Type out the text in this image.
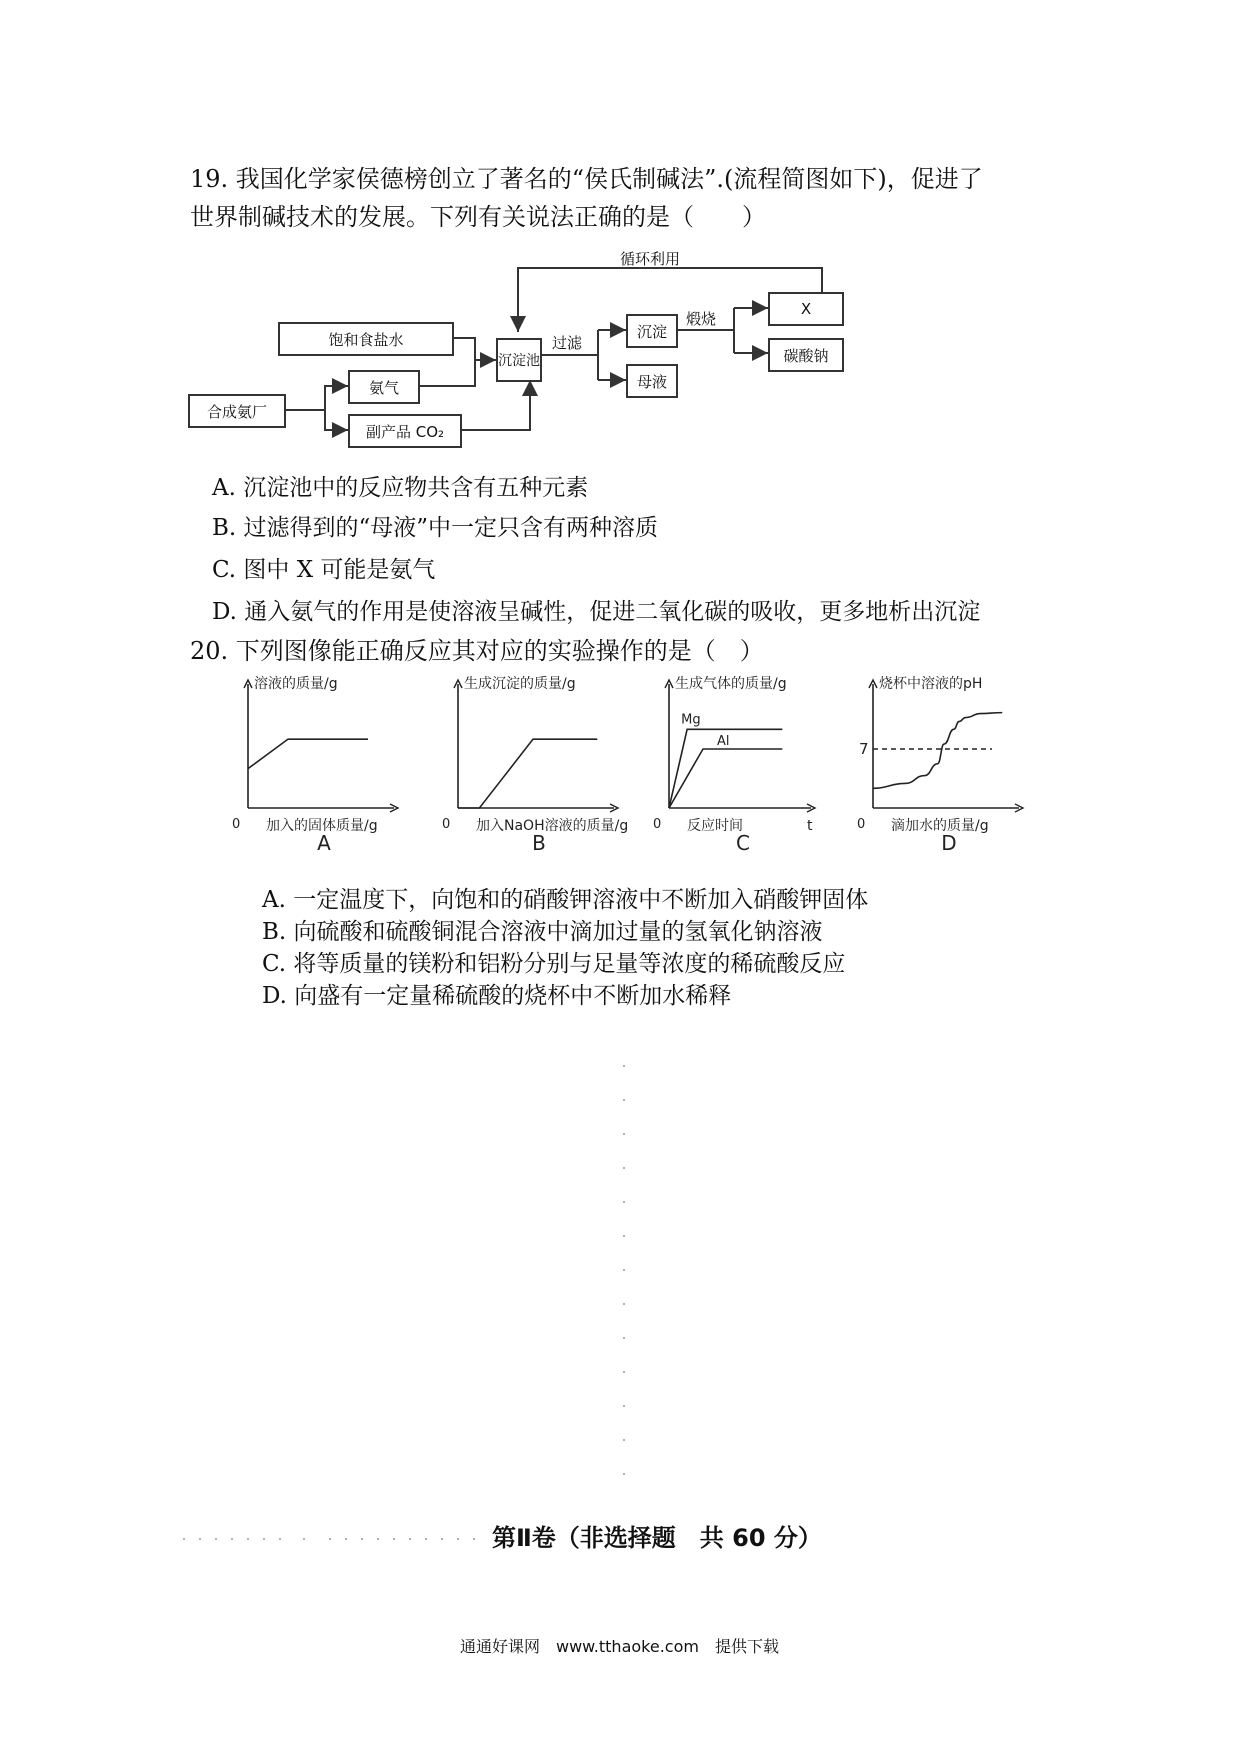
19. 我国化学家侯德榜创立了著名的“侯氏制碱法”.(流程简图如下)，促进了
世界制碱技术的发展。下列有关说法正确的是（　　）
循环利用
饱和食盐水
氨气
合成氨厂
副产品 CO₂
沉淀池
过滤
沉淀
母液
煅烧
X
碳酸钠
A. 沉淀池中的反应物共含有五种元素
B. 过滤得到的“母液”中一定只含有两种溶质
C. 图中 X 可能是氨气
D. 通入氨气的作用是使溶液呈碱性，促进二氧化碳的吸收，更多地析出沉淀
20. 下列图像能正确反应其对应的实验操作的是（　）
溶液的质量/g
加入的固体质量/g
0
A
生成沉淀的质量/g
加入NaOH溶液的质量/g
0
B
生成气体的质量/g
反应时间	t
0
Mg
Al
C
烧杯中溶液的pH
滴加水的质量/g
0
7
D
A. 一定温度下，向饱和的硝酸钾溶液中不断加入硝酸钾固体
B. 向硫酸和硫酸铜混合溶液中滴加过量的氢氧化钠溶液
C. 将等质量的镁粉和铝粉分别与足量等浓度的稀硫酸反应
D. 向盛有一定量稀硫酸的烧杯中不断加水稀释
第Ⅱ卷（非选择题　共 60 分）
通通好课网　www.tthaoke.com　提供下载
